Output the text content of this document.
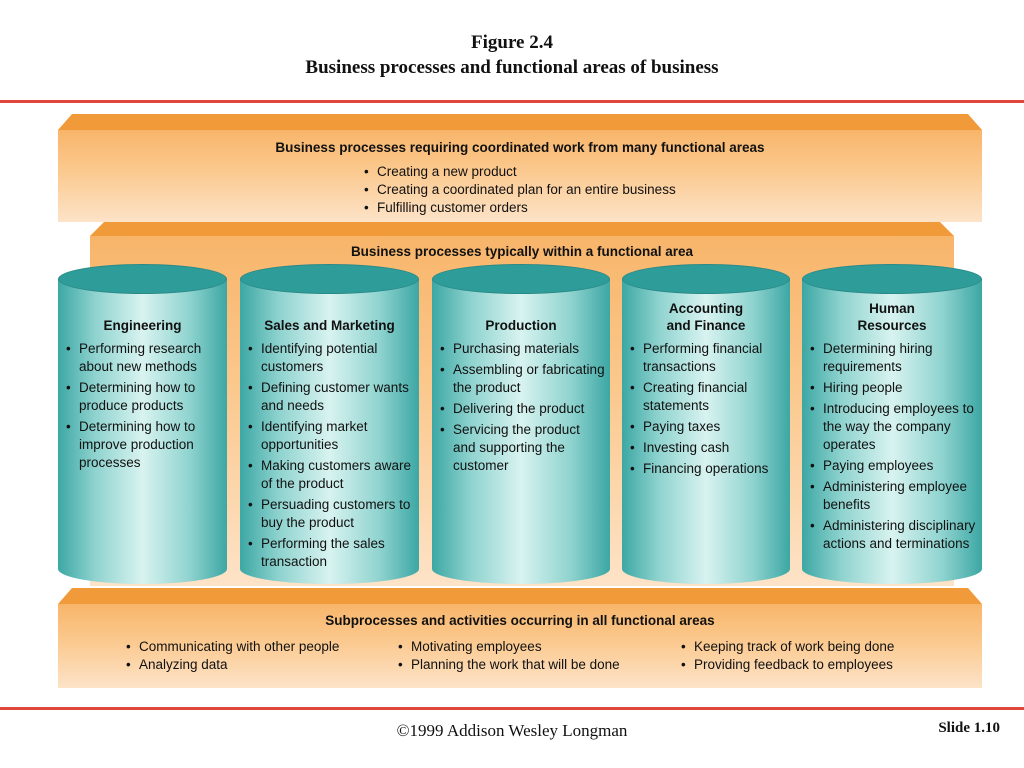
Figure 2.4
Business processes and functional areas of business
Business processes requiring coordinated work from many functional areas
• Creating a new product
• Creating a coordinated plan for an entire business
• Fulfilling customer orders
Business processes typically within a functional area
Engineering
• Performing research about new methods
• Determining how to produce products
• Determining how to improve production processes
Sales and Marketing
• Identifying potential customers
• Defining customer wants and needs
• Identifying market opportunities
• Making customers aware of the product
• Persuading customers to buy the product
• Performing the sales transaction
Production
• Purchasing materials
• Assembling or fabricating the product
• Delivering the product
• Servicing the product and supporting the customer
Accounting and Finance
• Performing financial transactions
• Creating financial statements
• Paying taxes
• Investing cash
• Financing operations
Human Resources
• Determining hiring requirements
• Hiring people
• Introducing employees to the way the company operates
• Paying employees
• Administering employee benefits
• Administering disciplinary actions and terminations
Subprocesses and activities occurring in all functional areas
• Communicating with other people
• Analyzing data
• Motivating employees
• Planning the work that will be done
• Keeping track of work being done
• Providing feedback to employees
©1999 Addison Wesley Longman	Slide 1.10
